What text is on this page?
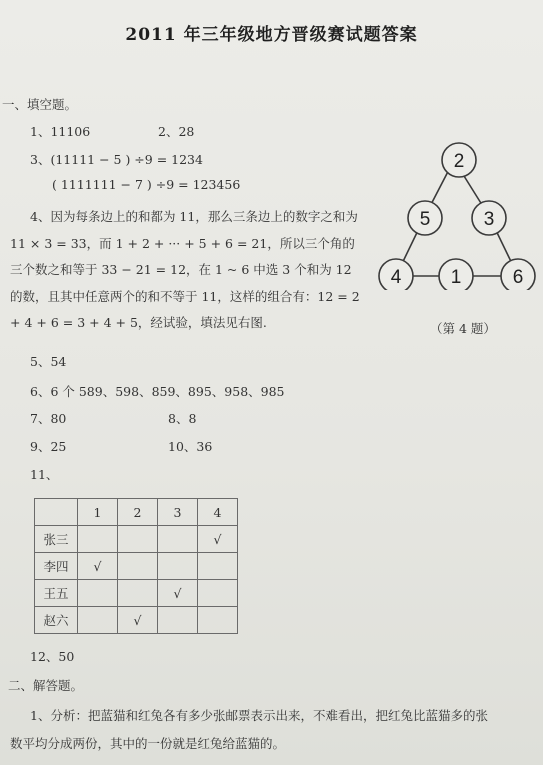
2011 年三年级地方晋级赛试题答案
一、填空题。
1、11106	2、28
3、(11111 − 5 ) ÷9 = 1234
( 1111111 − 7 ) ÷9 = 123456
4、因为每条边上的和都为 11，那么三条边上的数字之和为 11 × 3 = 33，而 1 + 2 + ··· + 5 + 6 = 21，所以三个角的三个数之和等于 33 − 21 = 12，在 1 ~ 6 中选 3 个和为 12 的数，且其中任意两个的和不等于 11，这样的组合有：12 = 2 + 4 + 6 = 3 + 4 + 5，经试验，填法见右图.
2
5	3
4	1	6
（第 4 题）
5、54
6、6 个 589、598、859、895、958、985
7、80	8、8
9、25	10、36
11、
	1	2	3	4
张三				√
李四	√			
王五			√	
赵六		√		
12、50
二、解答题。
1、分析：把蓝猫和红兔各有多少张邮票表示出来，不难看出，把红兔比蓝猫多的张
数平均分成两份，其中的一份就是红兔给蓝猫的。
